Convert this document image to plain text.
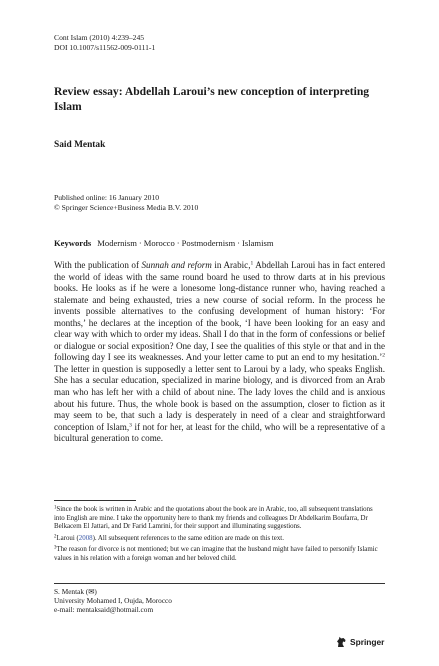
Cont Islam (2010) 4:239–245
DOI 10.1007/s11562-009-0111-1
Review essay: Abdellah Laroui’s new conception of interpreting Islam
Said Mentak
Published online: 16 January 2010
© Springer Science+Business Media B.V. 2010
Keywords Modernism · Morocco · Postmodernism · Islamism
With the publication of Sunnah and reform in Arabic,$^1$ Abdellah Laroui has in fact entered the world of ideas with the same round board he used to throw darts at in his previous books. He looks as if he were a lonesome long-distance runner who, having reached a stalemate and being exhausted, tries a new course of social reform. In the process he invents possible alternatives to the confusing development of human history: ‘For months,’ he declares at the inception of the book, ‘I have been looking for an easy and clear way with which to order my ideas. Shall I do that in the form of confessions or belief or dialogue or social exposition? One day, I see the qualities of this style or that and in the following day I see its weaknesses. And your letter came to put an end to my hesitation.’$^2$ The letter in question is supposedly a letter sent to Laroui by a lady, who speaks English. She has a secular education, specialized in marine biology, and is divorced from an Arab man who has left her with a child of about nine. The lady loves the child and is anxious about his future. Thus, the whole book is based on the assumption, closer to fiction as it may seem to be, that such a lady is desperately in need of a clear and straightforward conception of Islam,$^3$ if not for her, at least for the child, who will be a representative of a bicultural generation to come.
$^1$Since the book is written in Arabic and the quotations about the book are in Arabic, too, all subsequent translations into English are mine. I take the opportunity here to thank my friends and colleagues Dr Abdelkarim Boufarra, Dr Belkacem El Jattari, and Dr Farid Lamrini, for their support and illuminating suggestions.
$^2$Laroui (2008). All subsequent references to the same edition are made on this text.
$^3$The reason for divorce is not mentioned; but we can imagine that the husband might have failed to personify Islamic values in his relation with a foreign woman and her beloved child.
S. Mentak (✉)
University Mohamed I, Oujda, Morocco
e-mail: mentaksaid@hotmail.com
Springer
